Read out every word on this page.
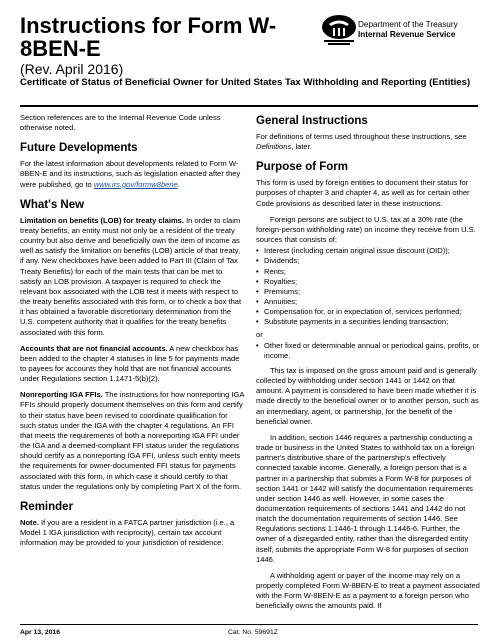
Instructions for Form W-8BEN-E
(Rev. April 2016)
Certificate of Status of Beneficial Owner for United States Tax Withholding and Reporting (Entities)
Department of the Treasury
Internal Revenue Service

Section references are to the Internal Revenue Code unless otherwise noted.

Future Developments

For the latest information about developments related to Form W-8BEN-E and its instructions, such as legislation enacted after they were published, go to www.irs.gov/formw8bene.

What's New

Limitation on benefits (LOB) for treaty claims. In order to claim treaty benefits, an entity must not only be a resident of the treaty country but also derive and beneficially own the item of income as well as satisfy the limitation on benefits (LOB) article of that treaty, if any. New checkboxes have been added to Part III (Claim of Tax Treaty Benefits) for each of the main tests that can be met to satisfy an LOB provision. A taxpayer is required to check the relevant box associated with the LOB test it meets with respect to the treaty benefits associated with this form, or to check a box that it has obtained a favorable discretionary determination from the U.S. competent authority that it qualifies for the treaty benefits associated with this form.

Accounts that are not financial accounts. A new checkbox has been added to the chapter 4 statuses in line 5 for payments made to payees for accounts they hold that are not financial accounts under Regulations section 1.1471-5(b)(2).

Nonreporting IGA FFIs. The instructions for how nonreporting IGA FFIs should properly document themselves on this form and certify to their status have been revised to coordinate qualification for such status under the IGA with the chapter 4 regulations. An FFI that meets the requirements of both a nonreporting IGA FFI under the IGA and a deemed-compliant FFI status under the regulations should certify as a nonreporting IGA FFI, unless such entity meets the requirements for owner-documented FFI status for payments associated with this form, in which case it should certify to that status under the regulations only by completing Part X of the form.

Reminder

Note. If you are a resident in a FATCA partner jurisdiction (i.e., a Model 1 IGA jurisdiction with reciprocity), certain tax account information may be provided to your jurisdiction of residence.

General Instructions

For definitions of terms used throughout these instructions, see Definitions, later.

Purpose of Form

This form is used by foreign entities to document their status for purposes of chapter 3 and chapter 4, as well as for certain other Code provisions as described later in these instructions.

Foreign persons are subject to U.S. tax at a 30% rate (the foreign-person withholding rate) on income they receive from U.S. sources that consists of:

• Interest (including certain original issue discount (OID));
• Dividends;
• Rents;
• Royalties;
• Premiums;
• Annuities;
• Compensation for, or in expectation of, services performed;
• Substitute payments in a securities lending transaction;
or
• Other fixed or determinable annual or periodical gains, profits, or income.

This tax is imposed on the gross amount paid and is generally collected by withholding under section 1441 or 1442 on that amount. A payment is considered to have been made whether it is made directly to the beneficial owner or to another person, such as an intermediary, agent, or partnership, for the benefit of the beneficial owner.

In addition, section 1446 requires a partnership conducting a trade or business in the United States to withhold tax on a foreign partner's distributive share of the partnership's effectively connected taxable income. Generally, a foreign person that is a partner in a partnership that submits a Form W-8 for purposes of section 1441 or 1442 will satisfy the documentation requirements under section 1446 as well. However, in some cases the documentation requirements of sections 1441 and 1442 do not match the documentation requirements of section 1446. See Regulations sections 1.1446-1 through 1.1446-6. Further, the owner of a disregarded entity, rather than the disregarded entity itself, submits the appropriate Form W-8 for purposes of section 1446.

A withholding agent or payer of the income may rely on a properly completed Form W-8BEN-E to treat a payment associated with the Form W-8BEN-E as a payment to a foreign person who beneficially owns the amounts paid. If

Apr 13, 2016	Cat. No. 59691Z
